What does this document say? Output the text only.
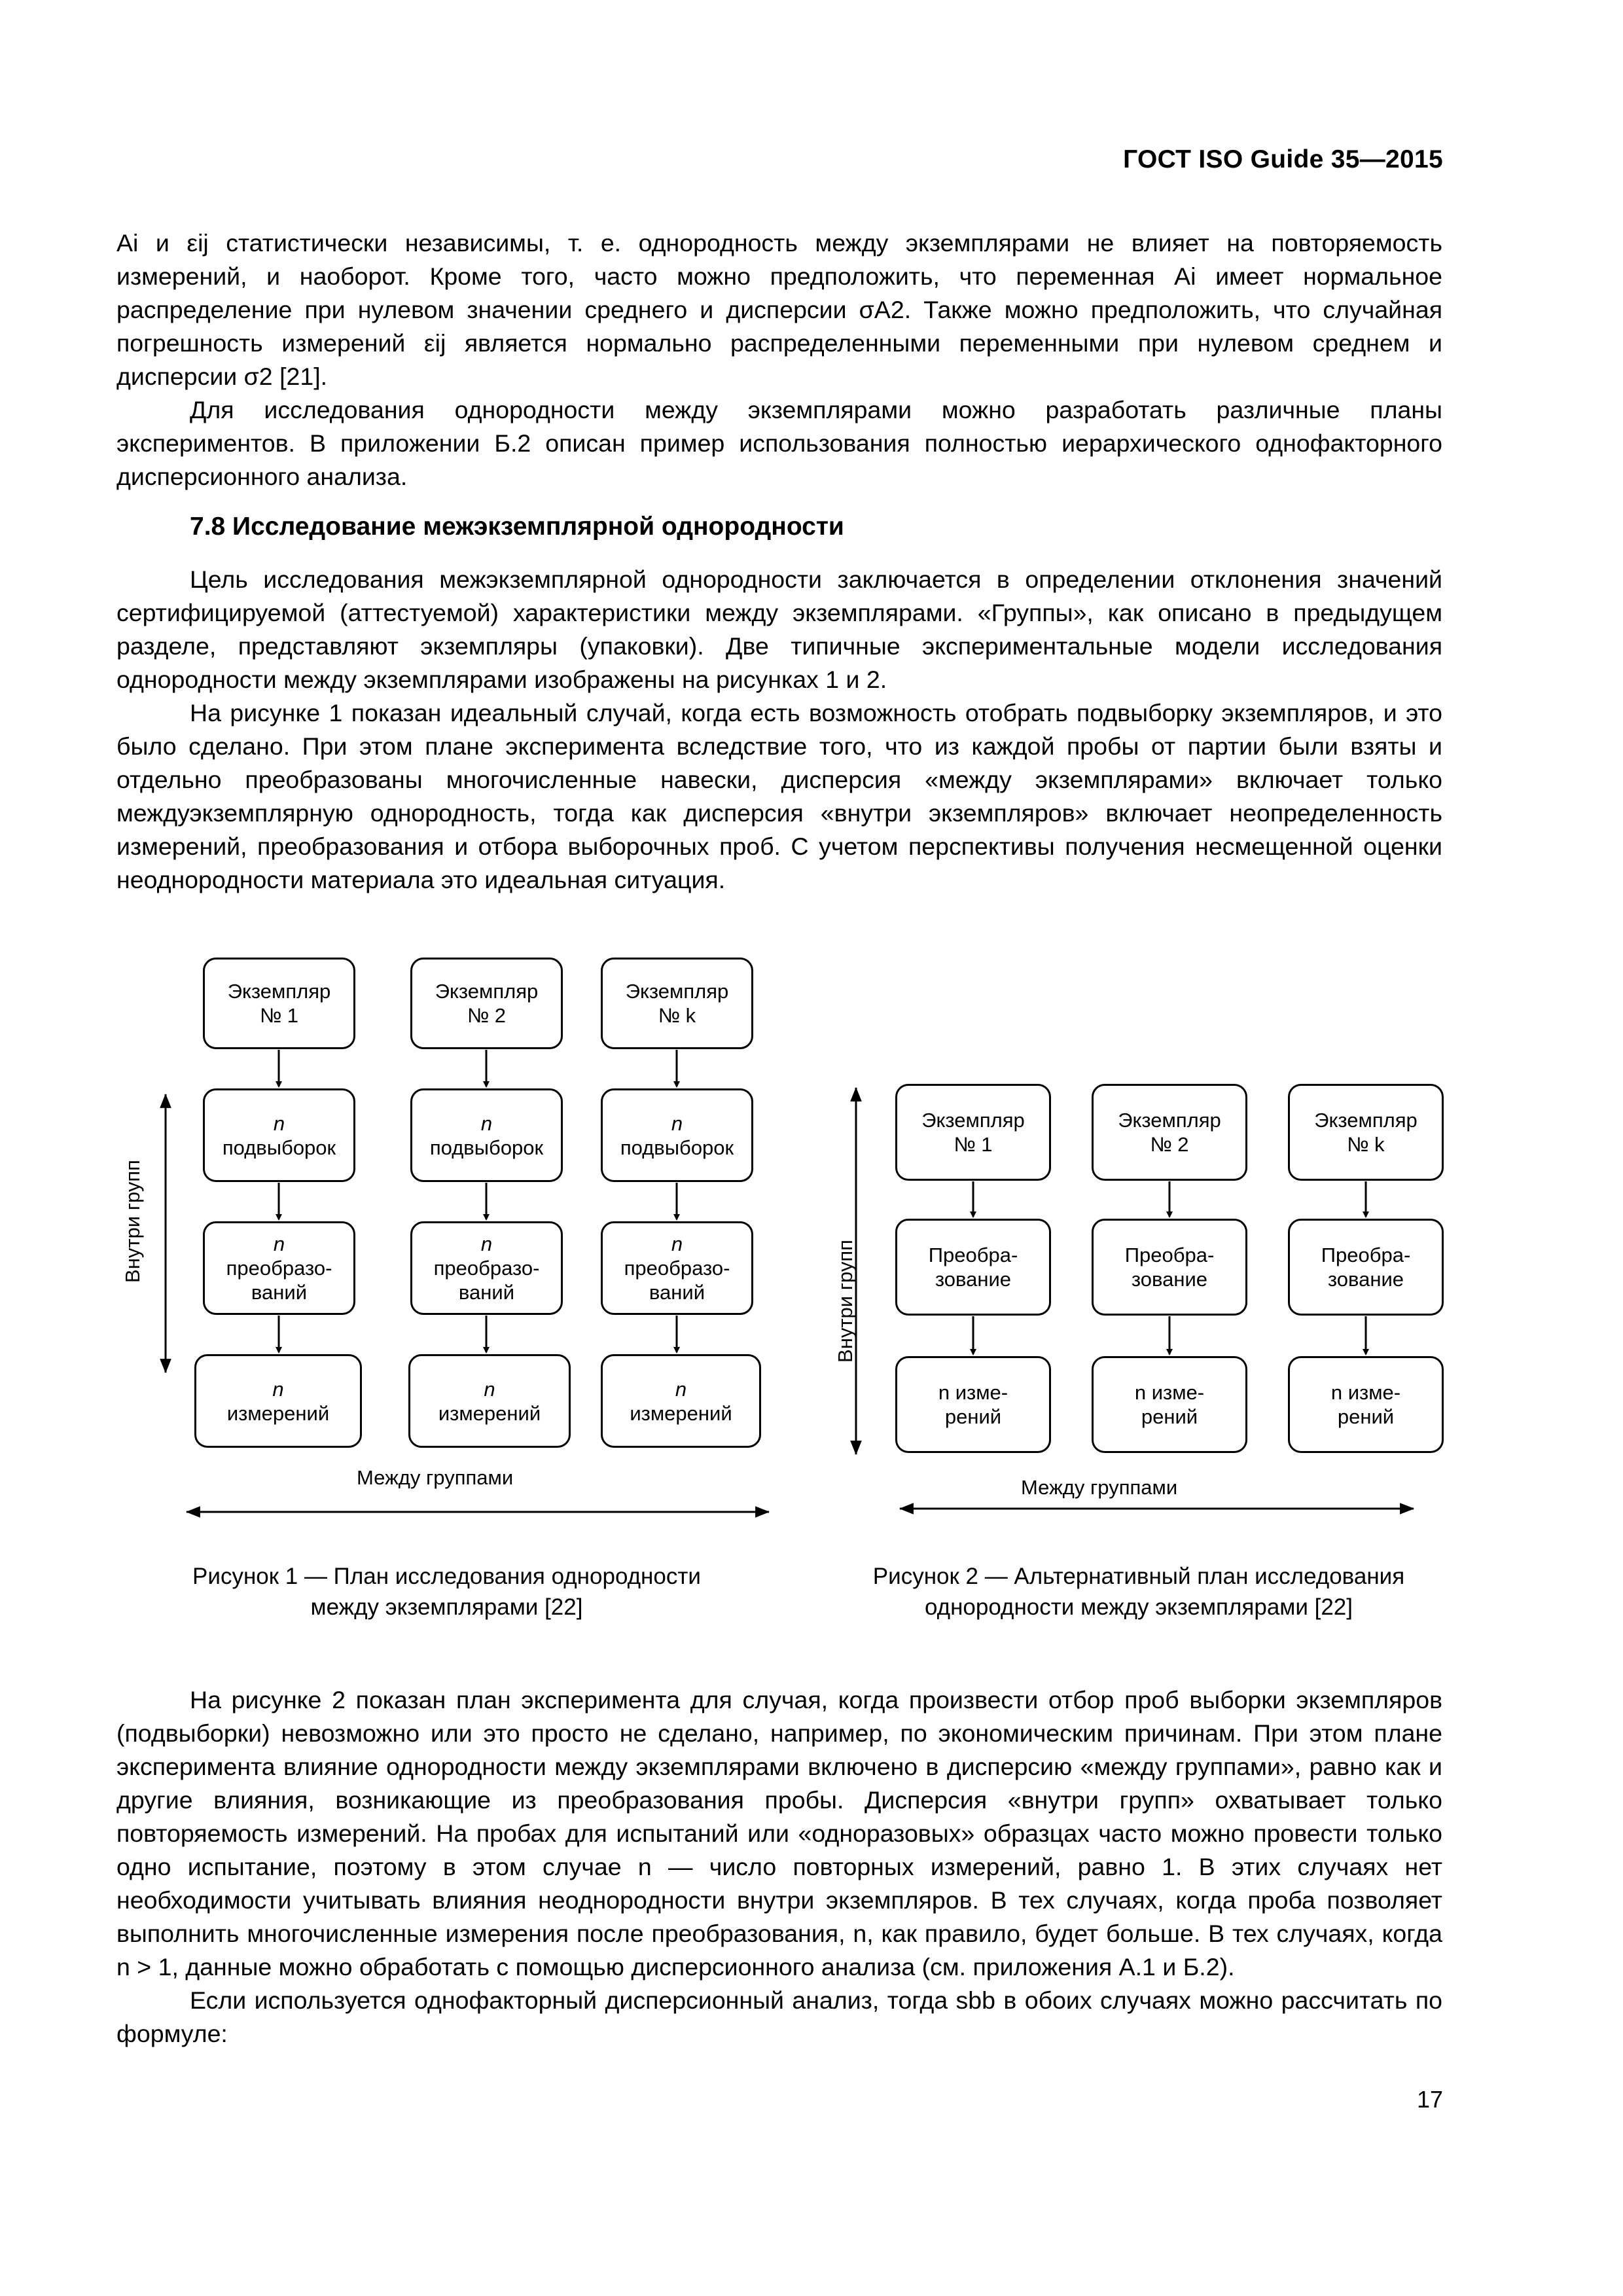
ГОСТ ISO Guide 35—2015

Ai и εij статистически независимы, т. е. однородность между экземплярами не влияет на повторяемость измерений, и наоборот. Кроме того, часто можно предположить, что переменная Ai имеет нормальное распределение при нулевом значении среднего и дисперсии σA2. Также можно предположить, что случайная погрешность измерений εij является нормально распределенными переменными при нулевом среднем и дисперсии σ2 [21].

Для исследования однородности между экземплярами можно разработать различные планы экспериментов. В приложении Б.2 описан пример использования полностью иерархического однофакторного дисперсионного анализа.

7.8 Исследование межэкземплярной однородности

Цель исследования межэкземплярной однородности заключается в определении отклонения значений сертифицируемой (аттестуемой) характеристики между экземплярами. «Группы», как описано в предыдущем разделе, представляют экземпляры (упаковки). Две типичные экспериментальные модели исследования однородности между экземплярами изображены на рисунках 1 и 2.

На рисунке 1 показан идеальный случай, когда есть возможность отобрать подвыборку экземпляров, и это было сделано. При этом плане эксперимента вследствие того, что из каждой пробы от партии были взяты и отдельно преобразованы многочисленные навески, дисперсия «между экземплярами» включает только междуэкземплярную однородность, тогда как дисперсия «внутри экземпляров» включает неопределенность измерений, преобразования и отбора выборочных проб. С учетом перспективы получения несмещенной оценки неоднородности материала это идеальная ситуация.

Экземпляр
№ 1
Экземпляр
№ 2
Экземпляр
№ k
n
подвыборок
n
подвыборок
n
подвыборок
n
преобразо-
ваний
n
преобразо-
ваний
n
преобразо-
ваний
n
измерений
n
измерений
n
измерений
Внутри групп
Между группами
Рисунок 1 — План исследования однородности
между экземплярами [22]
Экземпляр
№ 1
Экземпляр
№ 2
Экземпляр
№ k
Преобра-
зование
Преобра-
зование
Преобра-
зование
n изме-
рений
n изме-
рений
n изме-
рений
Внутри групп
Между группами
Рисунок 2 — Альтернативный план исследования
однородности между экземплярами [22]

На рисунке 2 показан план эксперимента для случая, когда произвести отбор проб выборки экземпляров (подвыборки) невозможно или это просто не сделано, например, по экономическим причинам. При этом плане эксперимента влияние однородности между экземплярами включено в дисперсию «между группами», равно как и другие влияния, возникающие из преобразования пробы. Дисперсия «внутри групп» охватывает только повторяемость измерений. На пробах для испытаний или «одноразовых» образцах часто можно провести только одно испытание, поэтому в этом случае n — число повторных измерений, равно 1. В этих случаях нет необходимости учитывать влияния неоднородности внутри экземпляров. В тех случаях, когда проба позволяет выполнить многочисленные измерения после преобразования, n, как правило, будет больше. В тех случаях, когда n > 1, данные можно обработать с помощью дисперсионного анализа (см. приложения А.1 и Б.2).

Если используется однофакторный дисперсионный анализ, тогда sbb в обоих случаях можно рассчитать по формуле:

17
